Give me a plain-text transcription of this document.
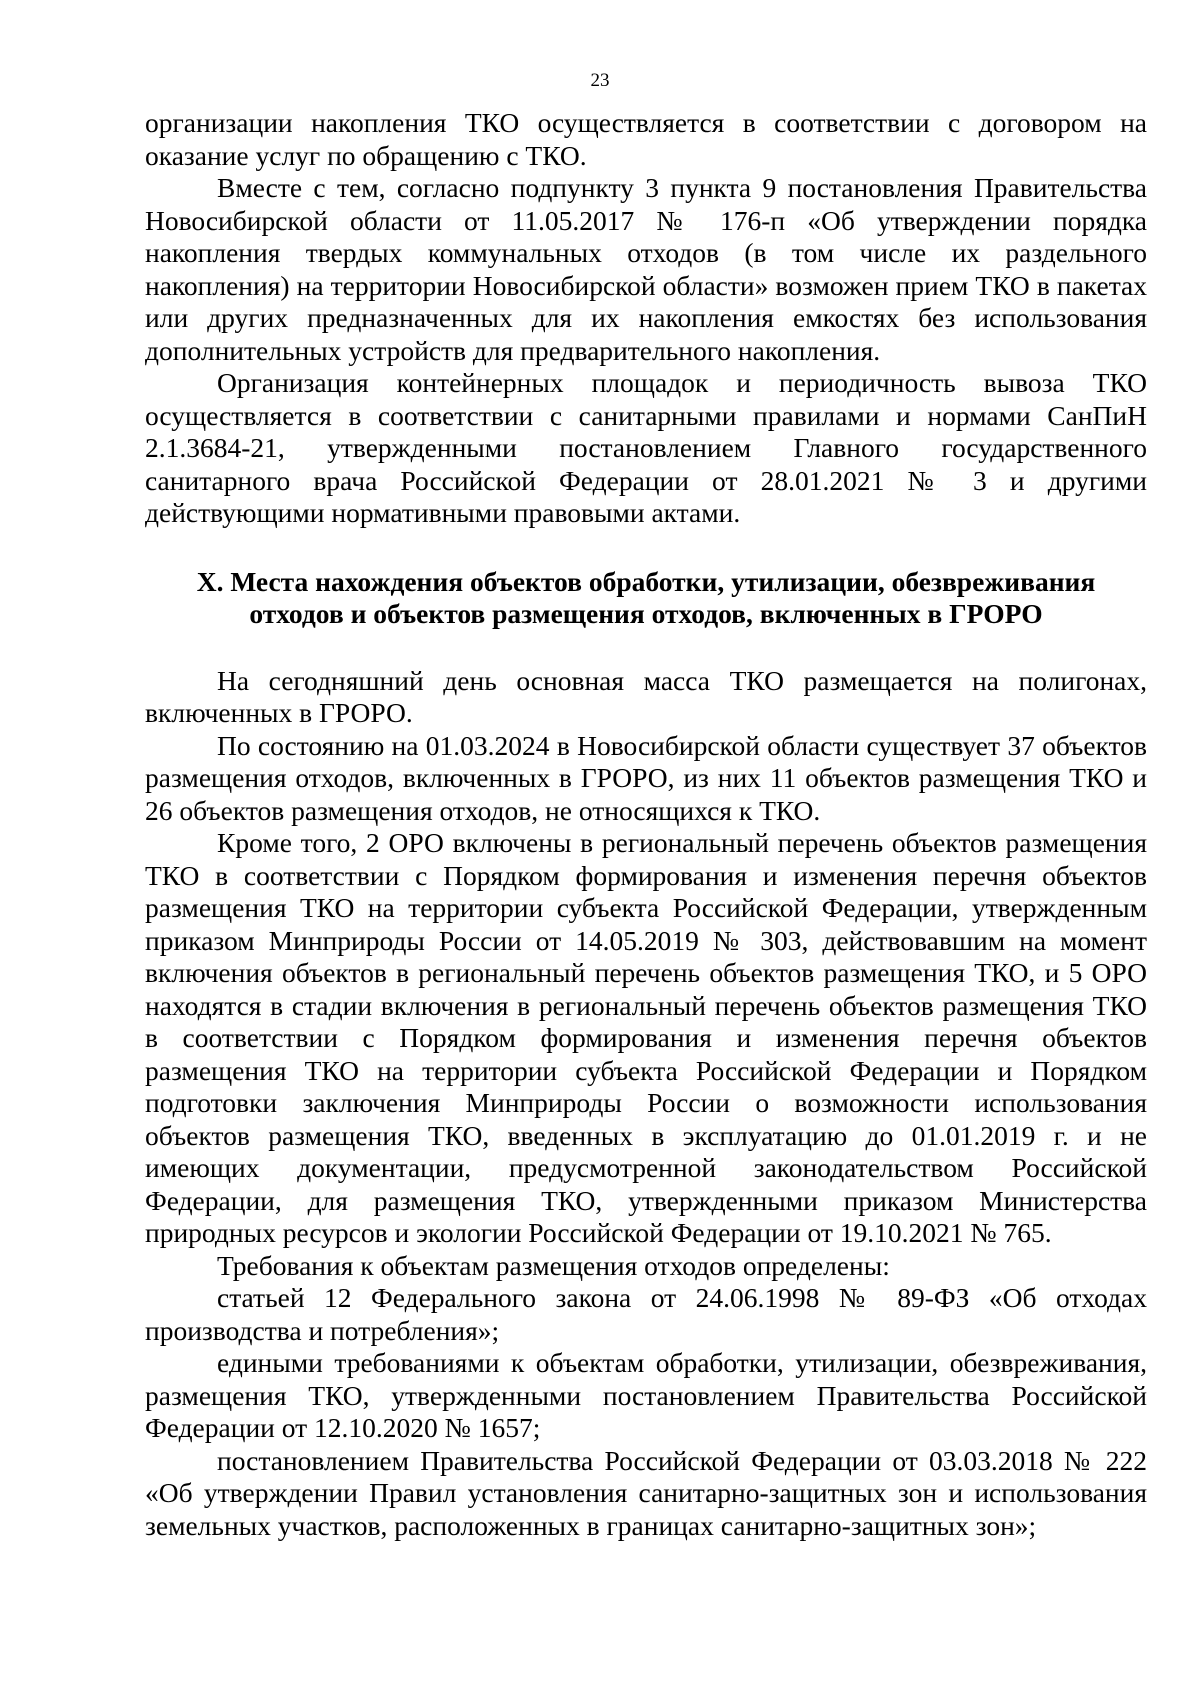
23

организации накопления ТКО осуществляется в соответствии с договором на оказание услуг по обращению с ТКО.

Вместе с тем, согласно подпункту 3 пункта 9 постановления Правительства Новосибирской области от 11.05.2017 № 176-п «Об утверждении порядка накопления твердых коммунальных отходов (в том числе их раздельного накопления) на территории Новосибирской области» возможен прием ТКО в пакетах или других предназначенных для их накопления емкостях без использования дополнительных устройств для предварительного накопления.

Организация контейнерных площадок и периодичность вывоза ТКО осуществляется в соответствии с санитарными правилами и нормами СанПиН 2.1.3684-21, утвержденными постановлением Главного государственного санитарного врача Российской Федерации от 28.01.2021 № 3 и другими действующими нормативными правовыми актами.

X. Места нахождения объектов обработки, утилизации, обезвреживания
отходов и объектов размещения отходов, включенных в ГРОРО

На сегодняшний день основная масса ТКО размещается на полигонах, включенных в ГРОРО.

По состоянию на 01.03.2024 в Новосибирской области существует 37 объектов размещения отходов, включенных в ГРОРО, из них 11 объектов размещения ТКО и 26 объектов размещения отходов, не относящихся к ТКО.

Кроме того, 2 ОРО включены в региональный перечень объектов размещения ТКО в соответствии с Порядком формирования и изменения перечня объектов размещения ТКО на территории субъекта Российской Федерации, утвержденным приказом Минприроды России от 14.05.2019 № 303, действовавшим на момент включения объектов в региональный перечень объектов размещения ТКО, и 5 ОРО находятся в стадии включения в региональный перечень объектов размещения ТКО в соответствии с Порядком формирования и изменения перечня объектов размещения ТКО на территории субъекта Российской Федерации и Порядком подготовки заключения Минприроды России о возможности использования объектов размещения ТКО, введенных в эксплуатацию до 01.01.2019 г. и не имеющих документации, предусмотренной законодательством Российской Федерации, для размещения ТКО, утвержденными приказом Министерства природных ресурсов и экологии Российской Федерации от 19.10.2021 № 765.

Требования к объектам размещения отходов определены:

статьей 12 Федерального закона от 24.06.1998 № 89-ФЗ «Об отходах производства и потребления»;

едиными требованиями к объектам обработки, утилизации, обезвреживания, размещения ТКО, утвержденными постановлением Правительства Российской Федерации от 12.10.2020 № 1657;

постановлением Правительства Российской Федерации от 03.03.2018 № 222 «Об утверждении Правил установления санитарно-защитных зон и использования земельных участков, расположенных в границах санитарно-защитных зон»;
